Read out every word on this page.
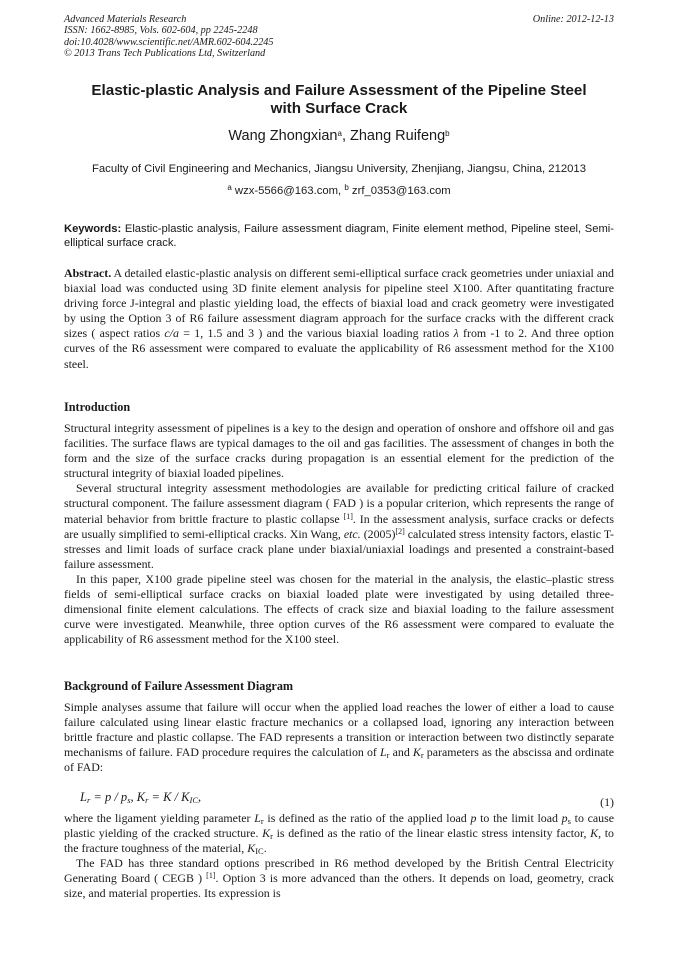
Advanced Materials Research
ISSN: 1662-8985, Vols. 602-604, pp 2245-2248
doi:10.4028/www.scientific.net/AMR.602-604.2245
© 2013 Trans Tech Publications Ltd, Switzerland
Online: 2012-12-13
Elastic-plastic Analysis and Failure Assessment of the Pipeline Steel
with Surface Crack
Wang Zhongxian$^a$, Zhang Ruifeng$^b$
Faculty of Civil Engineering and Mechanics, Jiangsu University, Zhenjiang, Jiangsu, China, 212013
$^a$ wzx-5566@163.com, $^b$ zrf_0353@163.com
Keywords: Elastic-plastic analysis, Failure assessment diagram, Finite element method, Pipeline steel, Semi-elliptical surface crack.

Abstract. A detailed elastic-plastic analysis on different semi-elliptical surface crack geometries under uniaxial and biaxial load was conducted using 3D finite element analysis for pipeline steel X100. After quantitating fracture driving force J-integral and plastic yielding load, the effects of biaxial load and crack geometry were investigated by using the Option 3 of R6 failure assessment diagram approach for the surface cracks with the different crack sizes ( aspect ratios c/a = 1, 1.5 and 3 ) and the various biaxial loading ratios λ from -1 to 2. And three option curves of the R6 assessment were compared to evaluate the applicability of R6 assessment method for the X100 steel.

Introduction

Structural integrity assessment of pipelines is a key to the design and operation of onshore and offshore oil and gas facilities. The surface flaws are typical damages to the oil and gas facilities. The assessment of changes in both the form and the size of the surface cracks during propagation is an essential element for the prediction of the structural integrity of biaxial loaded pipelines.

Several structural integrity assessment methodologies are available for predicting critical failure of cracked structural component. The failure assessment diagram ( FAD ) is a popular criterion, which represents the range of material behavior from brittle fracture to plastic collapse [1]. In the assessment analysis, surface cracks or defects are usually simplified to semi-elliptical cracks. Xin Wang, etc. (2005)[2] calculated stress intensity factors, elastic T-stresses and limit loads of surface crack plane under biaxial/uniaxial loadings and presented a constraint-based failure assessment.

In this paper, X100 grade pipeline steel was chosen for the material in the analysis, the elastic–plastic stress fields of semi-elliptical surface cracks on biaxial loaded plate were investigated by using detailed three-dimensional finite element calculations. The effects of crack size and biaxial loading to the failure assessment curve were investigated. Meanwhile, three option curves of the R6 assessment were compared to evaluate the applicability of R6 assessment method for the X100 steel.

Background of Failure Assessment Diagram

Simple analyses assume that failure will occur when the applied load reaches the lower of either a load to cause failure calculated using linear elastic fracture mechanics or a collapsed load, ignoring any interaction between brittle fracture and plastic collapse. The FAD represents a transition or interaction between two distinctly separate mechanisms of failure. FAD procedure requires the calculation of $L_r$ and $K_r$ parameters as the abscissa and ordinate of FAD:

$L_r = p / p_s$, $K_r = K / K_{IC}$,	(1)

where the ligament yielding parameter $L_r$ is defined as the ratio of the applied load p to the limit load $p_s$ to cause plastic yielding of the cracked structure. $K_r$ is defined as the ratio of the linear elastic stress intensity factor, K, to the fracture toughness of the material, $K_{IC}$.

The FAD has three standard options prescribed in R6 method developed by the British Central Electricity Generating Board ( CEGB ) [1]. Option 3 is more advanced than the others. It depends on load, geometry, crack size, and material properties. Its expression is
